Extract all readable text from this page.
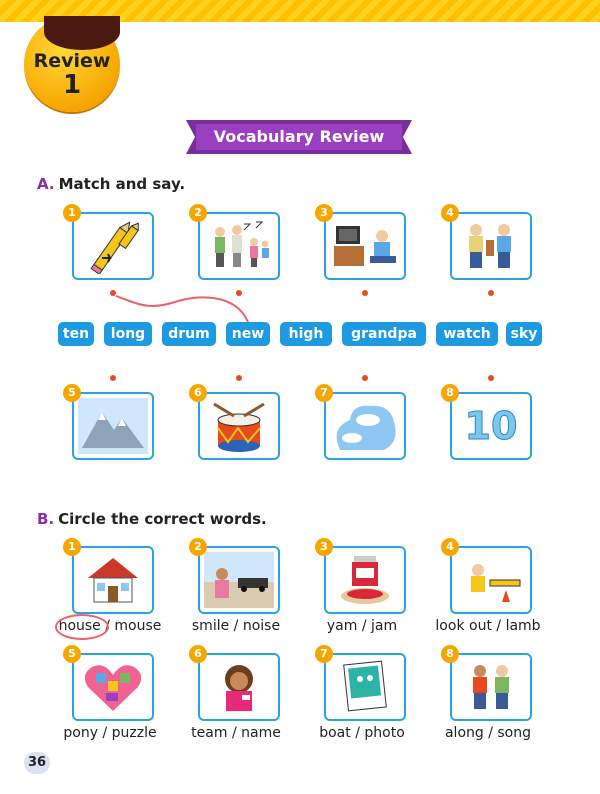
Review
1
Vocabulary Review
A. Match and say.
1	2	3	4
ten	long	drum	new	high	grandpa	watch	sky
10
5	6	7	8
B. Circle the correct words.
1	2	3	4
house / mouse	smile / noise	yam / jam	look out / lamb
5	6	7	8
pony / puzzle	team / name	boat / photo	along / song
36
